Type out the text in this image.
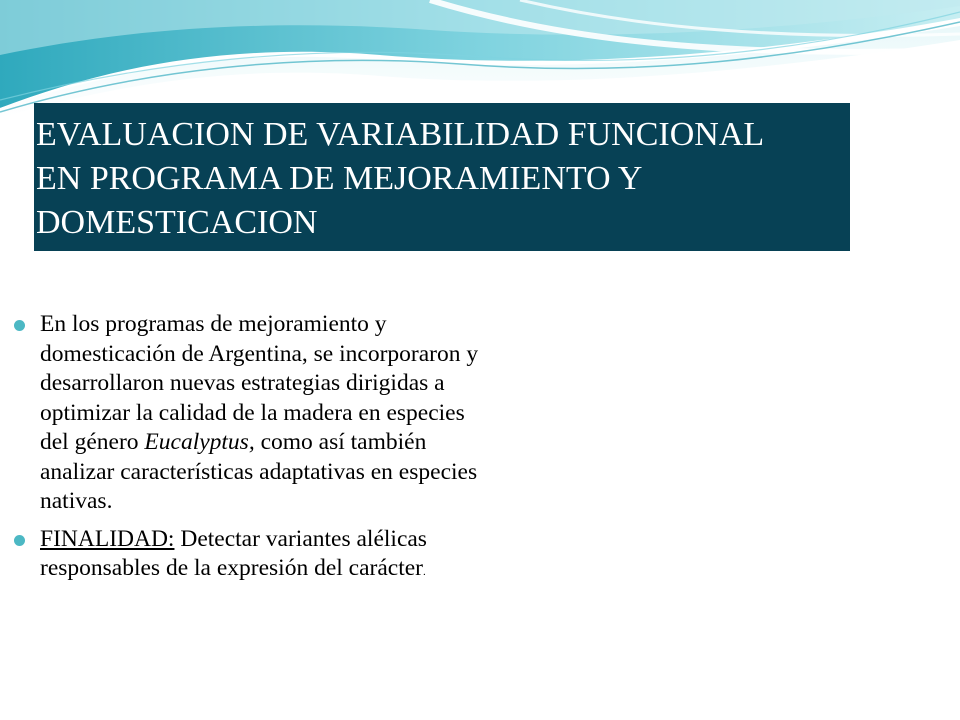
EVALUACION DE VARIABILIDAD FUNCIONAL
EN PROGRAMA DE MEJORAMIENTO Y
DOMESTICACION
En los programas de mejoramiento y
domesticación de Argentina, se incorporaron y
desarrollaron nuevas estrategias dirigidas a
optimizar la calidad de la madera en especies
del género Eucalyptus, como así también
analizar características adaptativas en especies
nativas.
FINALIDAD: Detectar variantes alélicas
responsables de la expresión del carácter.
